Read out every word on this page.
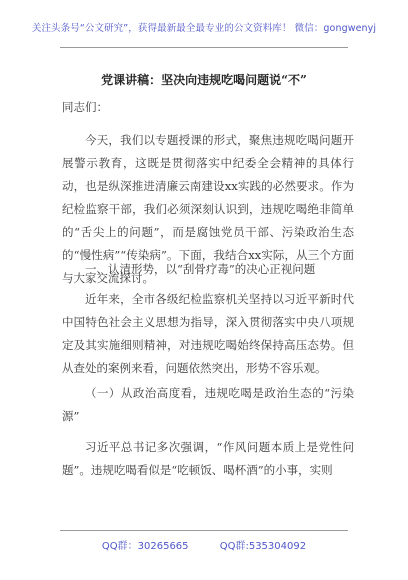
关注头条号“公文研究”，获得最新最全最专业的公文资料库！ 微信：gongwenyj
党课讲稿：坚决向违规吃喝问题说“不”
同志们：
今天，我们以专题授课的形式，聚焦违规吃喝问题开展警示教育，这既是贯彻落实中纪委全会精神的具体行动，也是纵深推进清廉云南建设xx实践的必然要求。作为纪检监察干部，我们必须深刻认识到，违规吃喝绝非简单的“舌尖上的问题”，而是腐蚀党员干部、污染政治生态的“慢性病”“传染病”。下面，我结合xx实际，从三个方面与大家交流探讨。
一、认清形势，以“刮骨疗毒”的决心正视问题
近年来，全市各级纪检监察机关坚持以习近平新时代中国特色社会主义思想为指导，深入贯彻落实中央八项规定及其实施细则精神，对违规吃喝始终保持高压态势。但从查处的案例来看，问题依然突出，形势不容乐观。
（一）从政治高度看，违规吃喝是政治生态的“污染源”
习近平总书记多次强调，“作风问题本质上是党性问题”。违规吃喝看似是“吃顿饭、喝杯酒”的小事，实则
QQ群：30265665	QQ群:535304092
